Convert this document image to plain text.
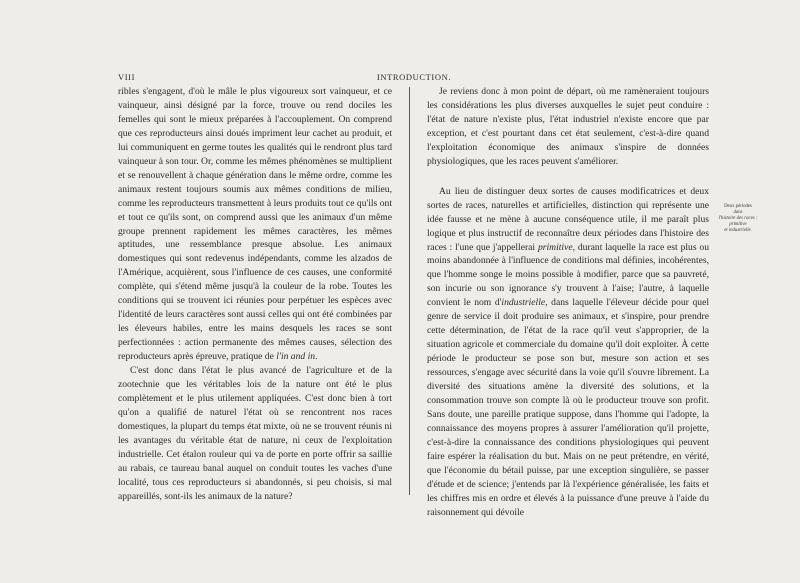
VIII	INTRODUCTION.

ribles s'engagent, d'où le mâle le plus vigoureux sort vainqueur, et ce vainqueur, ainsi désigné par la force, trouve ou rend dociles les femelles qui sont le mieux préparées à l'accouplement. On comprend que ces reproducteurs ainsi doués impriment leur cachet au produit, et lui communiquent en germe toutes les qualités qui le rendront plus tard vainqueur à son tour. Or, comme les mêmes phénomènes se multiplient et se renouvellent à chaque génération dans le même ordre, comme les animaux restent toujours soumis aux mêmes conditions de milieu, comme les reproducteurs transmettent à leurs produits tout ce qu'ils ont et tout ce qu'ils sont, on comprend aussi que les animaux d'un même groupe prennent rapidement les mêmes caractères, les mêmes aptitudes, une ressemblance presque absolue. Les animaux domestiques qui sont redevenus indépendants, comme les alzados de l'Amérique, acquièrent, sous l'influence de ces causes, une conformité complète, qui s'étend même jusqu'à la couleur de la robe. Toutes les conditions qui se trouvent ici réunies pour perpétuer les espèces avec l'identité de leurs caractères sont aussi celles qui ont été combinées par les éleveurs habiles, entre les mains desquels les races se sont perfectionnées : action permanente des mêmes causes, sélection des reproducteurs après épreuve, pratique de l'in and in.

C'est donc dans l'état le plus avancé de l'agriculture et de la zootechnie que les véritables lois de la nature ont été le plus complètement et le plus utilement appliquées. C'est donc bien à tort qu'on a qualifié de naturel l'état où se rencontrent nos races domestiques, la plupart du temps état mixte, où ne se trouvent réunis ni les avantages du véritable état de nature, ni ceux de l'exploitation industrielle. Cet étalon rouleur qui va de porte en porte offrir sa saillie au rabais, ce taureau banal auquel on conduit toutes les vaches d'une localité, tous ces reproducteurs si abandonnés, si peu choisis, si mal appareillés, sont-ils les animaux de la nature?

Je reviens donc à mon point de départ, où me ramèneraient toujours les considérations les plus diverses auxquelles le sujet peut conduire : l'état de nature n'existe plus, l'état industriel n'existe encore que par exception, et c'est pourtant dans cet état seulement, c'est-à-dire quand l'exploitation économique des animaux s'inspire de données physiologiques, que les races peuvent s'améliorer.

Au lieu de distinguer deux sortes de causes modificatrices et deux sortes de races, naturelles et artificielles, distinction qui représente une idée fausse et ne mène à aucune conséquence utile, il me paraît plus logique et plus instructif de reconnaître deux périodes dans l'histoire des races : l'une que j'appellerai primitive, durant laquelle la race est plus ou moins abandonnée à l'influence de conditions mal définies, incohérentes, que l'homme songe le moins possible à modifier, parce que sa pauvreté, son incurie ou son ignorance s'y trouvent à l'aise; l'autre, à laquelle convient le nom d'industrielle, dans laquelle l'éleveur décide pour quel genre de service il doit produire ses animaux, et s'inspire, pour prendre cette détermination, de l'état de la race qu'il veut s'approprier, de la situation agricole et commerciale du domaine qu'il doit exploiter. À cette période le producteur se pose son but, mesure son action et ses ressources, s'engage avec sécurité dans la voie qu'il s'ouvre librement. La diversité des situations amène la diversité des solutions, et la consommation trouve son compte là où le producteur trouve son profit. Sans doute, une pareille pratique suppose, dans l'homme qui l'adopte, la connaissance des moyens propres à assurer l'amélioration qu'il projette, c'est-à-dire la connaissance des conditions physiologiques qui peuvent faire espérer la réalisation du but. Mais on ne peut prétendre, en vérité, que l'économie du bétail puisse, par une exception singulière, se passer d'étude et de science; j'entends par là l'expérience généralisée, les faits et les chiffres mis en ordre et élevés à la puissance d'une preuve à l'aide du raisonnement qui dévoile

Deux périodes
dans
l'histoire des races :
primitive
et industrielle.
